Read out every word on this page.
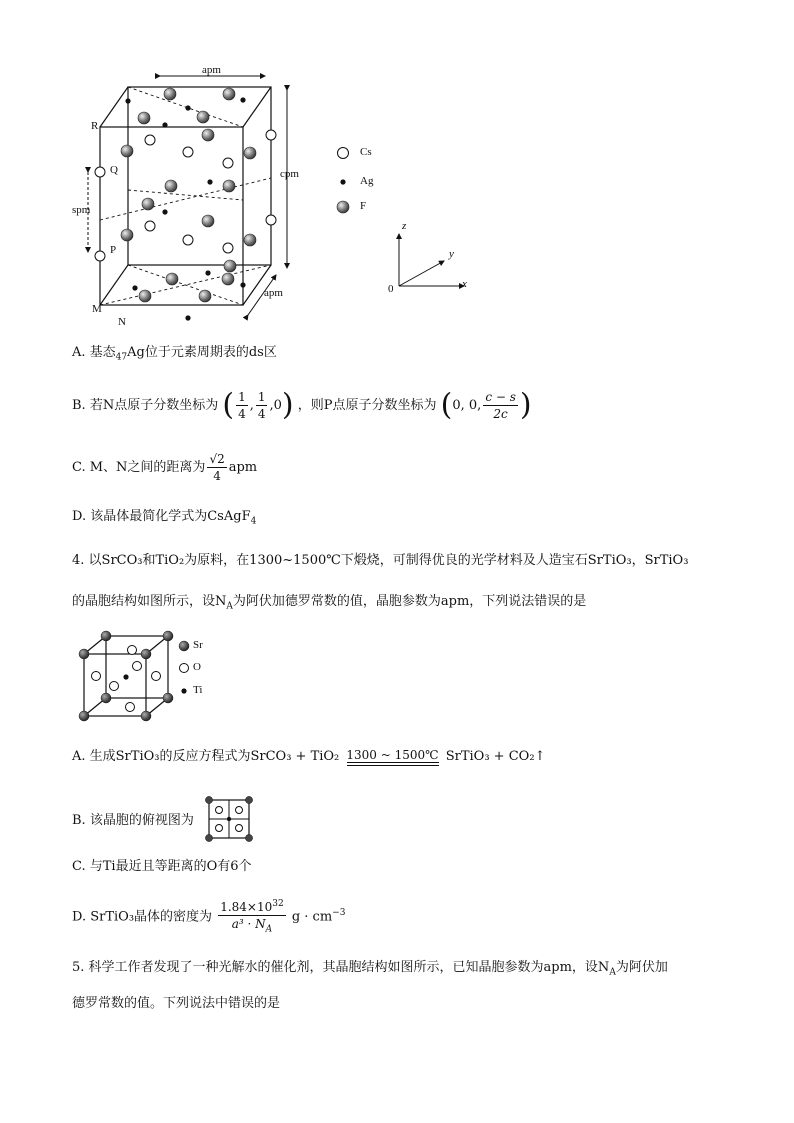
apm
cpm
spm
apm
R
Q
P
M
N
Cs
Ag
F
z
y
x
0
A. 基态$_{47}$Ag位于元素周期表的ds区
B. 若N点原子分数坐标为 ( $\frac{1}{4}$ , $\frac{1}{4} ,0$) ，则P点原子分数坐标为 (0, 0, $\frac{c - s}{2c}$ )
C. M、N之间的距离为 $\frac{√2}{4}$ apm
D. 该晶体最简化学式为CsAgF$_4$
4. 以SrCO₃和TiO₂为原料，在1300~1500℃下煅烧，可制得优良的光学材料及人造宝石SrTiO₃，SrTiO₃
的晶胞结构如图所示，设$N_A$为阿伏加德罗常数的值，晶胞参数为apm，下列说法错误的是
Sr
O
Ti
A. 生成SrTiO₃的反应方程式为SrCO₃ + TiO₂ 1300 ~ 1500℃ SrTiO₃ + CO₂↑
B. 该晶胞的俯视图为
C. 与Ti最近且等距离的O有6个
D. SrTiO₃晶体的密度为 $\frac{1.84\times 10^{32}}{a^3 \cdot N_A}$ $g \cdot cm^{-3}$
5. 科学工作者发现了一种光解水的催化剂，其晶胞结构如图所示，已知晶胞参数为apm，设$N_A$为阿伏加
德罗常数的值。下列说法中错误的是
